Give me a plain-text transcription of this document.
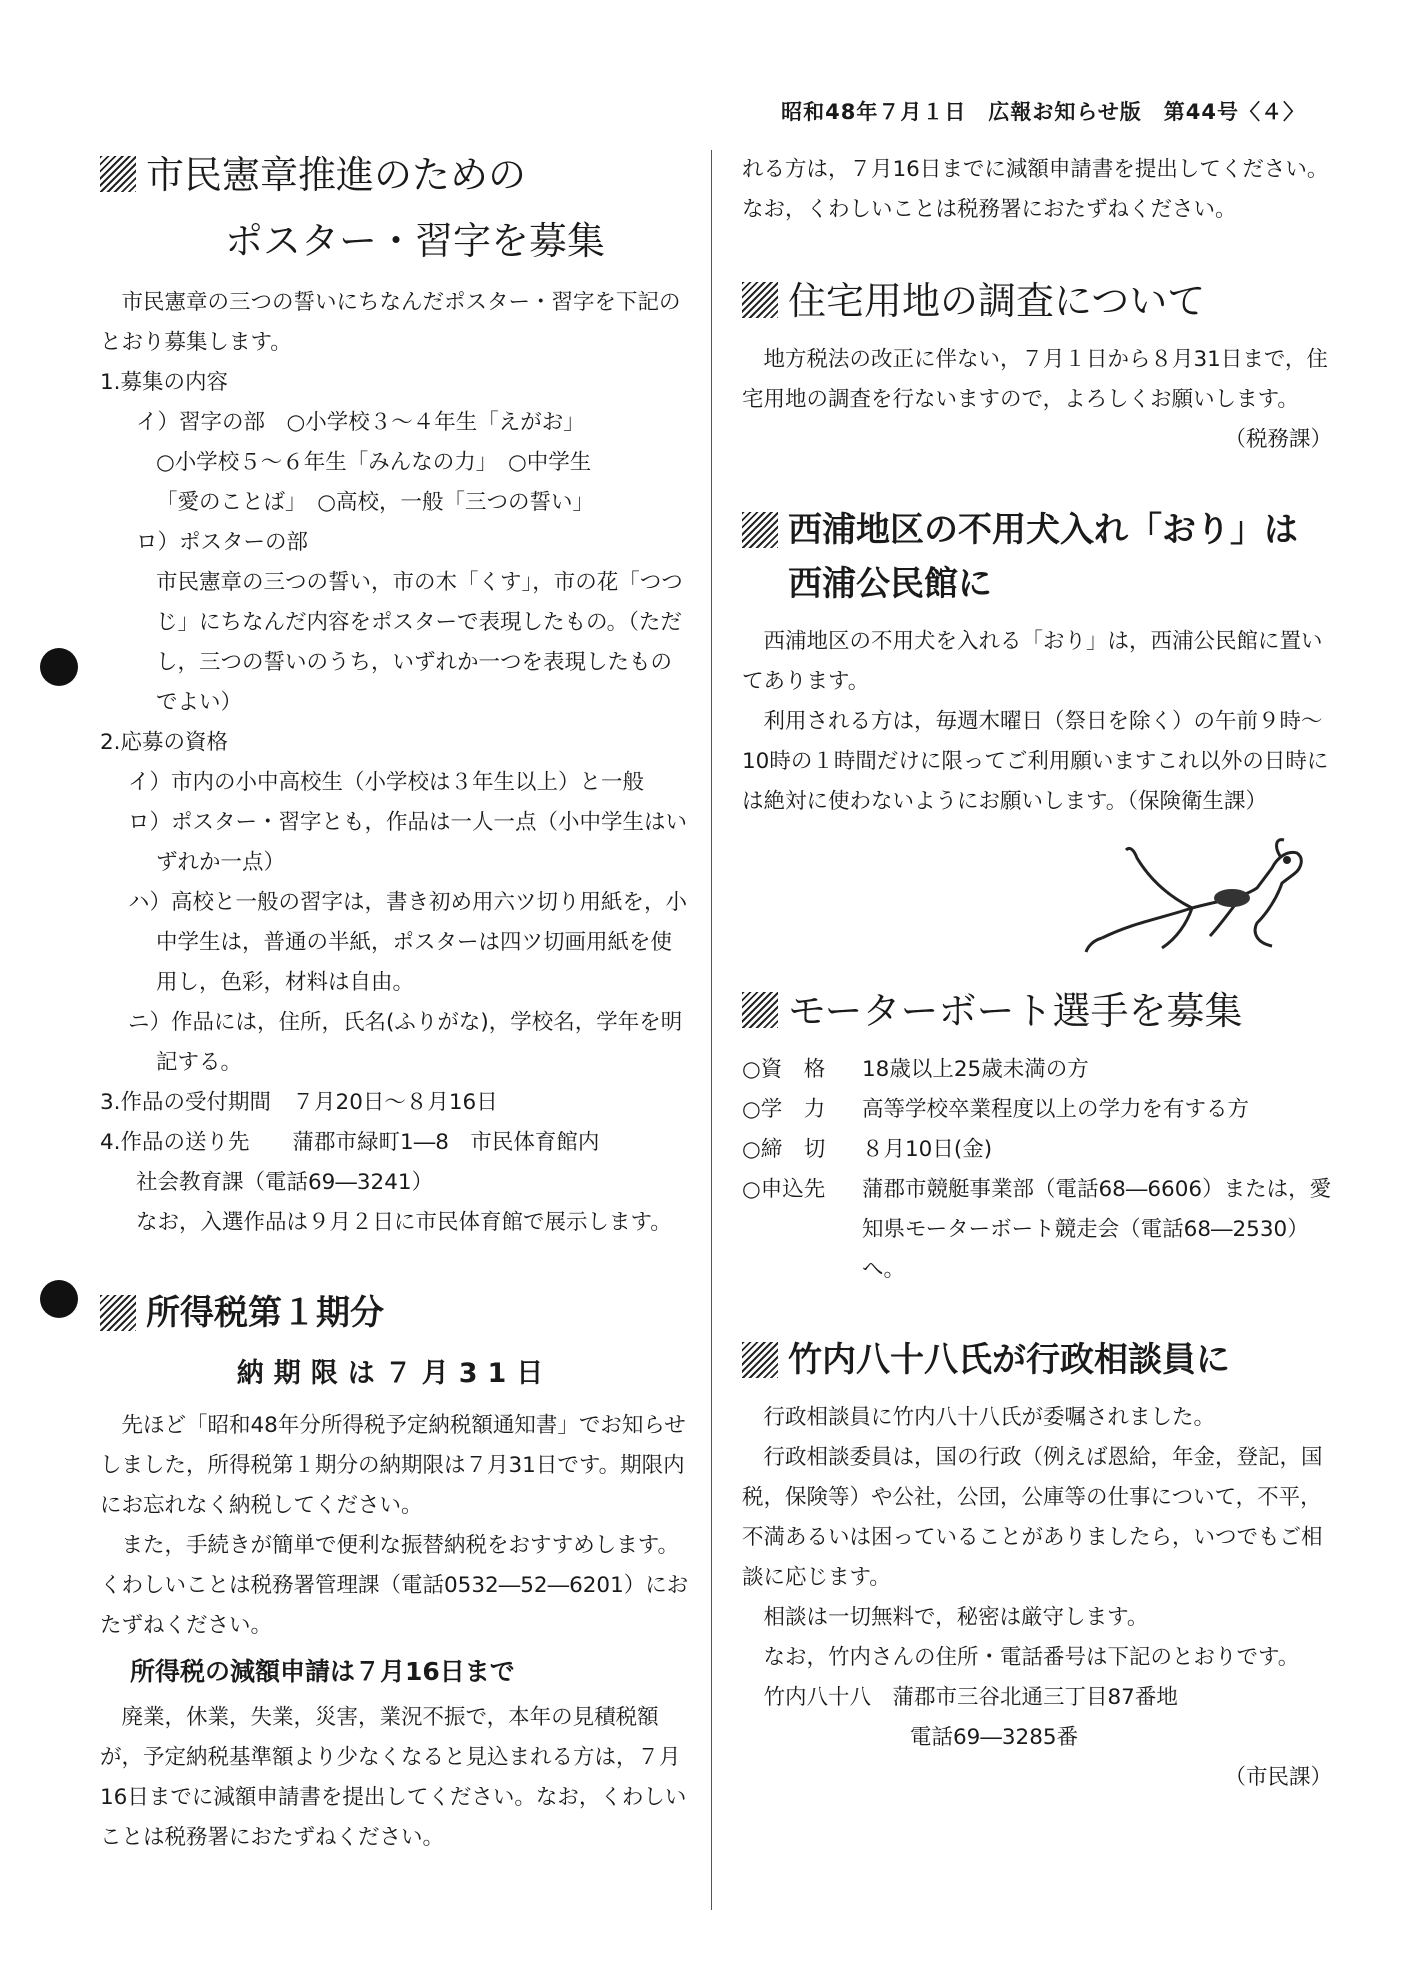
昭和48年７月１日　広報お知らせ版　第44号〈４〉
市民憲章推進のための
ポスター・習字を募集

市民憲章の三つの誓いにちなんだポスター・習字を下記のとおり募集します。

1.募集の内容

イ）習字の部　○小学校３～４年生「えがお」

○小学校５～６年生「みんなの力」　○中学生

「愛のことば」　○高校，一般「三つの誓い」

ロ）ポスターの部

市民憲章の三つの誓い，市の木「くす」，市の花「つつじ」にちなんだ内容をポスターで表現したもの。（ただし，三つの誓いのうち，いずれか一つを表現したものでよい）

2.応募の資格

イ）市内の小中高校生（小学校は３年生以上）と一般

ロ）ポスター・習字とも，作品は一人一点（小中学生はいずれか一点）

ハ）高校と一般の習字は，書き初め用六ツ切り用紙を，小中学生は，普通の半紙，ポスターは四ツ切画用紙を使用し，色彩，材料は自由。

ニ）作品には，住所，氏名(ふりがな)，学校名，学年を明記する。

3.作品の受付期間　７月20日～８月16日

4.作品の送り先　　蒲郡市緑町1―8　市民体育館内

社会教育課（電話69―3241）

なお，入選作品は９月２日に市民体育館で展示します。

所得税第１期分
納期限は７月31日

先ほど「昭和48年分所得税予定納税額通知書」でお知らせしました，所得税第１期分の納期限は７月31日です。期限内にお忘れなく納税してください。

また，手続きが簡単で便利な振替納税をおすすめします。くわしいことは税務署管理課（電話0532―52―6201）におたずねください。

所得税の減額申請は７月16日まで

廃業，休業，失業，災害，業況不振で，本年の見積税額が，予定納税基準額より少なくなると見込まれる方は，７月16日までに減額申請書を提出してください。なお，くわしいことは税務署におたずねください。

れる方は，７月16日までに減額申請書を提出してください。なお，くわしいことは税務署におたずねください。

住宅用地の調査について

地方税法の改正に伴ない，７月１日から８月31日まで，住宅用地の調査を行ないますので，よろしくお願いします。

（税務課）

西浦地区の不用犬入れ「おり」は
西浦公民館に

西浦地区の不用犬を入れる「おり」は，西浦公民館に置いてあります。

利用される方は，毎週木曜日（祭日を除く）の午前９時～10時の１時間だけに限ってご利用願いますこれ以外の日時には絶対に使わないようにお願いします。（保険衛生課）

モーターボート選手を募集
○資　格	18歳以上25歳未満の方
○学　力	高等学校卒業程度以上の学力を有する方
○締　切	８月10日(金)
○申込先	蒲郡市競艇事業部（電話68―6606）または，愛知県モーターボート競走会（電話68―2530）へ。
竹内八十八氏が行政相談員に

行政相談員に竹内八十八氏が委嘱されました。

行政相談委員は，国の行政（例えば恩給，年金，登記，国税，保険等）や公社，公団，公庫等の仕事について，不平，不満あるいは困っていることがありましたら，いつでもご相談に応じます。

相談は一切無料で，秘密は厳守します。

なお，竹内さんの住所・電話番号は下記のとおりです。

竹内八十八　蒲郡市三谷北通三丁目87番地

電話69―3285番

（市民課）
